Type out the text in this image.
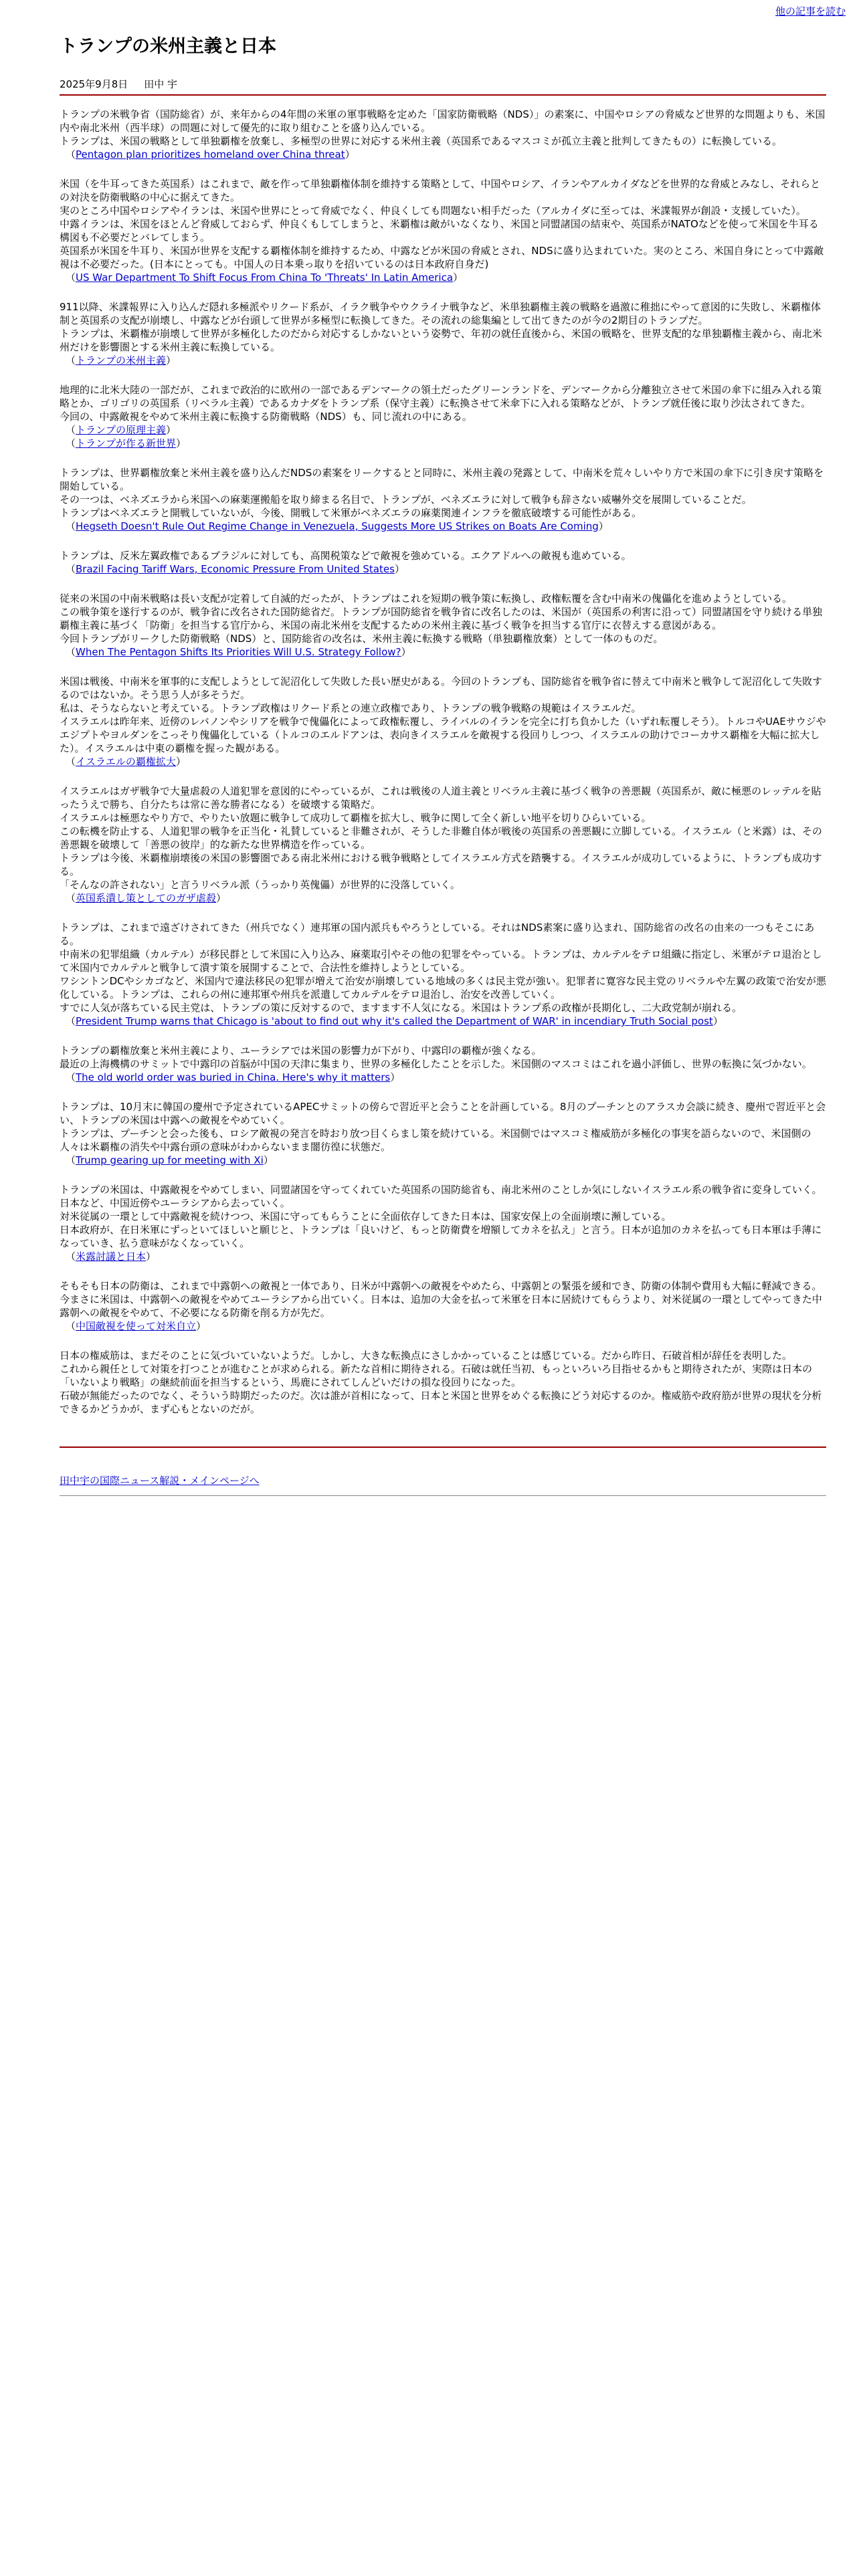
他の記事を読む
トランプの米州主義と日本
2025年9月8日 田中 宇
トランプの米戦争省（国防総省）が、来年からの4年間の米軍の軍事戦略を定めた「国家防衛戦略（NDS）」の素案に、中国やロシアの脅威など世界的な問題よりも、米国内や南北米州（西半球）の問題に対して優先的に取り組むことを盛り込んでいる。
トランプは、米国の戦略として単独覇権を放棄し、多極型の世界に対応する米州主義（英国系であるマスコミが孤立主義と批判してきたもの）に転換している。
（Pentagon plan prioritizes homeland over China threat）
米国（を牛耳ってきた英国系）はこれまで、敵を作って単独覇権体制を維持する策略として、中国やロシア、イランやアルカイダなどを世界的な脅威とみなし、それらとの対決を防衛戦略の中心に据えてきた。
実のところ中国やロシアやイランは、米国や世界にとって脅威でなく、仲良くしても問題ない相手だった（アルカイダに至っては、米諜報界が創設・支援していた）。
中露イランは、米国をほとんど脅威しておらず、仲良くもしてしまうと、米覇権は敵がいなくなり、米国と同盟諸国の結束や、英国系がNATOなどを使って米国を牛耳る構図も不必要だとバレてしまう。
英国系が米国を牛耳り、米国が世界を支配する覇権体制を維持するため、中露などが米国の脅威とされ、NDSに盛り込まれていた。実のところ、米国自身にとって中露敵視は不必要だった。(日本にとっても。中国人の日本乗っ取りを招いているのは日本政府自身だ)
（US War Department To Shift Focus From China To 'Threats' In Latin America）
911以降、米諜報界に入り込んだ隠れ多極派やリクード系が、イラク戦争やウクライナ戦争など、米単独覇権主義の戦略を過激に稚拙にやって意図的に失敗し、米覇権体制と英国系の支配が崩壊し、中露などが台頭して世界が多極型に転換してきた。その流れの総集編として出てきたのが今の2期目のトランプだ。
トランプは、米覇権が崩壊して世界が多極化したのだから対応するしかないという姿勢で、年初の就任直後から、米国の戦略を、世界支配的な単独覇権主義から、南北米州だけを影響圏とする米州主義に転換している。
（トランプの米州主義）
地理的に北米大陸の一部だが、これまで政治的に欧州の一部であるデンマークの領土だったグリーンランドを、デンマークから分離独立させて米国の傘下に組み入れる策略とか、ゴリゴリの英国系（リベラル主義）であるカナダをトランプ系（保守主義）に転換させて米傘下に入れる策略などが、トランプ就任後に取り沙汰されてきた。
今回の、中露敵視をやめて米州主義に転換する防衛戦略（NDS）も、同じ流れの中にある。
（トランプの原理主義）
（トランプが作る新世界）
トランプは、世界覇権放棄と米州主義を盛り込んだNDSの素案をリークするとと同時に、米州主義の発露として、中南米を荒々しいやり方で米国の傘下に引き戻す策略を開始している。
その一つは、ベネズエラから米国への麻薬運搬船を取り締まる名目で、トランプが、ベネズエラに対して戦争も辞さない威嚇外交を展開していることだ。
トランプはベネズエラと開戦していないが、今後、開戦して米軍がベネズエラの麻薬関連インフラを徹底破壊する可能性がある。
（Hegseth Doesn't Rule Out Regime Change in Venezuela, Suggests More US Strikes on Boats Are Coming）
トランプは、反米左翼政権であるブラジルに対しても、高関税策などで敵視を強めている。エクアドルへの敵視も進めている。
（Brazil Facing Tariff Wars, Economic Pressure From United States）
従来の米国の中南米戦略は長い支配が定着して自滅的だったが、トランプはこれを短期の戦争策に転換し、政権転覆を含む中南米の傀儡化を進めようとしている。
この戦争策を遂行するのが、戦争省に改名された国防総省だ。トランプが国防総省を戦争省に改名したのは、米国が（英国系の利害に沿って）同盟諸国を守り続ける単独覇権主義に基づく「防衛」を担当する官庁から、米国の南北米州を支配するための米州主義に基づく戦争を担当する官庁に衣替えする意図がある。
今回トランプがリークした防衛戦略（NDS）と、国防総省の改名は、米州主義に転換する戦略（単独覇権放棄）として一体のものだ。
（When The Pentagon Shifts Its Priorities Will U.S. Strategy Follow?）
米国は戦後、中南米を軍事的に支配しようとして泥沼化して失敗した長い歴史がある。今回のトランプも、国防総省を戦争省に替えて中南米と戦争して泥沼化して失敗するのではないか。そう思う人が多そうだ。
私は、そうならないと考えている。トランプ政権はリクード系との連立政権であり、トランプの戦争戦略の規範はイスラエルだ。
イスラエルは昨年来、近傍のレバノンやシリアを戦争で傀儡化によって政権転覆し、ライバルのイランを完全に打ち負かした（いずれ転覆しそう）。トルコやUAEサウジやエジプトやヨルダンをこっそり傀儡化している（トルコのエルドアンは、表向きイスラエルを敵視する役回りしつつ、イスラエルの助けでコーカサス覇権を大幅に拡大した）。イスラエルは中東の覇権を握った観がある。
（イスラエルの覇権拡大）
イスラエルはガザ戦争で大量虐殺の人道犯罪を意図的にやっているが、これは戦後の人道主義とリベラル主義に基づく戦争の善悪観（英国系が、敵に極悪のレッテルを貼ったうえで勝ち、自分たちは常に善な勝者になる）を破壊する策略だ。
イスラエルは極悪なやり方で、やりたい放題に戦争して成功して覇権を拡大し、戦争に関して全く新しい地平を切りひらいている。
この転機を防止する、人道犯罪の戦争を正当化・礼賛していると非難されが、そうした非難自体が戦後の英国系の善悪観に立脚している。イスラエル（と米露）は、その善悪観を破壊して「善悪の彼岸」的な新たな世界構造を作っている。
トランプは今後、米覇権崩壊後の米国の影響圏である南北米州における戦争戦略としてイスラエル方式を踏襲する。イスラエルが成功しているように、トランプも成功する。
「そんなの許されない」と言うリベラル派（うっかり英傀儡）が世界的に没落していく。
（英国系潰し策としてのガザ虐殺）
トランプは、これまで遠ざけされてきた（州兵でなく）連邦軍の国内派兵もやろうとしている。それはNDS素案に盛り込まれ、国防総省の改名の由来の一つもそこにある。
中南米の犯罪組織（カルテル）が移民群として米国に入り込み、麻薬取引やその他の犯罪をやっている。トランプは、カルテルをテロ組織に指定し、米軍がテロ退治として米国内でカルテルと戦争して潰す策を展開することで、合法性を維持しようとしている。
ワシントンDCやシカゴなど、米国内で違法移民の犯罪が増えて治安が崩壊している地域の多くは民主党が強い。犯罪者に寛容な民主党のリベラルや左翼の政策で治安が悪化している。トランプは、これらの州に連邦軍や州兵を派遣してカルテルをテロ退治し、治安を改善していく。
すでに人気が落ちている民主党は、トランプの策に反対するので、ますます不人気になる。米国はトランプ系の政権が長期化し、二大政党制が崩れる。
（President Trump warns that Chicago is 'about to find out why it's called the Department of WAR' in incendiary Truth Social post）
トランプの覇権放棄と米州主義により、ユーラシアでは米国の影響力が下がり、中露印の覇権が強くなる。
最近の上海機構のサミットで中露印の首脳が中国の天津に集まり、世界の多極化したことを示した。米国側のマスコミはこれを過小評価し、世界の転換に気づかない。
（The old world order was buried in China. Here's why it matters）
トランプは、10月末に韓国の慶州で予定されているAPECサミットの傍らで習近平と会うことを計画している。8月のプーチンとのアラスカ会談に続き、慶州で習近平と会い、トランプの米国は中露への敵視をやめていく。
トランプは、プーチンと会った後も、ロシア敵視の発言を時おり放つ目くらまし策を続けている。米国側ではマスコミ権威筋が多極化の事実を語らないので、米国側の人々は米覇権の消失や中露台頭の意味がわからないまま闇彷徨に状態だ。
（Trump gearing up for meeting with Xi）
トランプの米国は、中露敵視をやめてしまい、同盟諸国を守ってくれていた英国系の国防総省も、南北米州のことしか気にしないイスラエル系の戦争省に変身していく。日本など、中国近傍やユーラシアから去っていく。
対米従属の一環として中露敵視を続けつつ、米国に守ってもらうことに全面依存してきた日本は、国家安保上の全面崩壊に瀕している。
日本政府が、在日米軍にずっといてほしいと願じと、トランプは「良いけど、もっと防衛費を増額してカネを払え」と言う。日本が追加のカネを払っても日本軍は手薄になっていき、払う意味がなくなっていく。
（米露討議と日本）
そもそも日本の防衛は、これまで中露朝への敵視と一体であり、日米が中露朝への敵視をやめたら、中露朝との緊張を緩和でき、防衛の体制や費用も大幅に軽減できる。
今まさに米国は、中露朝への敵視をやめてユーラシアから出ていく。日本は、追加の大金を払って米軍を日本に居続けてもらうより、対米従属の一環としてやってきた中露朝への敵視をやめて、不必要になる防衛を削る方が先だ。
（中国敵視を使って対米自立）
日本の権威筋は、まだそのことに気づいていないようだ。しかし、大きな転換点にさしかかっていることは感じている。だから昨日、石破首相が辞任を表明した。
これから親任として対策を打つことが進むことが求められる。新たな首相に期待される。石破は就任当初、もっといろいろ目指せるかもと期待されたが、実際は日本の「いないより戦略」の継続前面を担当するという、馬鹿にされてしんどいだけの損な役回りになった。
石破が無能だったのでなく、そういう時期だったのだ。次は誰が首相になって、日本と米国と世界をめぐる転換にどう対応するのか。権威筋や政府筋が世界の現状を分析できるかどうかが、まず心もとないのだが。
田中宇の国際ニュース解説・メインページへ
